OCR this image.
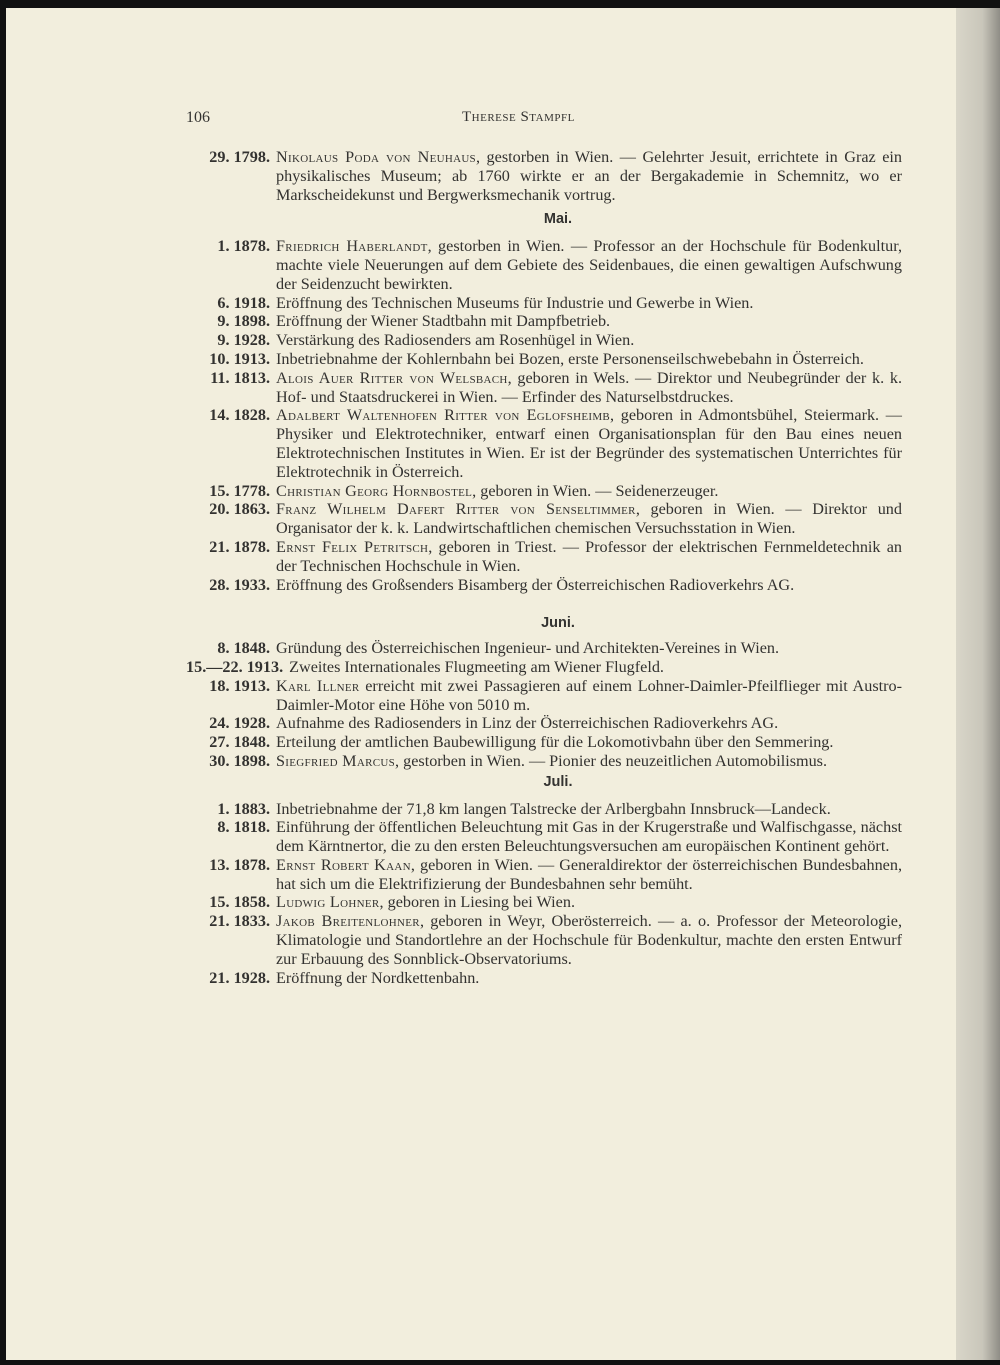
106	Therese Stampfl
29. 1798. Nikolaus Poda von Neuhaus, gestorben in Wien. — Gelehrter Jesuit, errichtete in Graz ein physikalisches Museum; ab 1760 wirkte er an der Bergakademie in Schemnitz, wo er Markscheidekunst und Bergwerksmechanik vortrug.
Mai.
1. 1878. Friedrich Haberlandt, gestorben in Wien. — Professor an der Hochschule für Bodenkultur, machte viele Neuerungen auf dem Gebiete des Seidenbaues, die einen gewaltigen Aufschwung der Seidenzucht bewirkten.
6. 1918. Eröffnung des Technischen Museums für Industrie und Gewerbe in Wien.
9. 1898. Eröffnung der Wiener Stadtbahn mit Dampfbetrieb.
9. 1928. Verstärkung des Radiosenders am Rosenhügel in Wien.
10. 1913. Inbetriebnahme der Kohlernbahn bei Bozen, erste Personenseilschwebebahn in Österreich.
11. 1813. Alois Auer Ritter von Welsbach, geboren in Wels. — Direktor und Neubegründer der k. k. Hof- und Staatsdruckerei in Wien. — Erfinder des Naturselbstdruckes.
14. 1828. Adalbert Waltenhofen Ritter von Eglofsheimb, geboren in Admontsbühel, Steiermark. — Physiker und Elektrotechniker, entwarf einen Organisationsplan für den Bau eines neuen Elektrotechnischen Institutes in Wien. Er ist der Begründer des systematischen Unterrichtes für Elektrotechnik in Österreich.
15. 1778. Christian Georg Hornbostel, geboren in Wien. — Seidenerzeuger.
20. 1863. Franz Wilhelm Dafert Ritter von Senseltimmer, geboren in Wien. — Direktor und Organisator der k. k. Landwirtschaftlichen chemischen Versuchsstation in Wien.
21. 1878. Ernst Felix Petritsch, geboren in Triest. — Professor der elektrischen Fernmeldetechnik an der Technischen Hochschule in Wien.
28. 1933. Eröffnung des Großsenders Bisamberg der Österreichischen Radioverkehrs AG.
Juni.
8. 1848. Gründung des Österreichischen Ingenieur- und Architekten-Vereines in Wien.
15.—22. 1913. Zweites Internationales Flugmeeting am Wiener Flugfeld.
18. 1913. Karl Illner erreicht mit zwei Passagieren auf einem Lohner-Daimler-Pfeilflieger mit Austro-Daimler-Motor eine Höhe von 5010 m.
24. 1928. Aufnahme des Radiosenders in Linz der Österreichischen Radioverkehrs AG.
27. 1848. Erteilung der amtlichen Baubewilligung für die Lokomotivbahn über den Semmering.
30. 1898. Siegfried Marcus, gestorben in Wien. — Pionier des neuzeitlichen Automobilismus.
Juli.
1. 1883. Inbetriebnahme der 71,8 km langen Talstrecke der Arlbergbahn Innsbruck—Landeck.
8. 1818. Einführung der öffentlichen Beleuchtung mit Gas in der Krugerstraße und Walfischgasse, nächst dem Kärntnertor, die zu den ersten Beleuchtungsversuchen am europäischen Kontinent gehört.
13. 1878. Ernst Robert Kaan, geboren in Wien. — Generaldirektor der österreichischen Bundesbahnen, hat sich um die Elektrifizierung der Bundesbahnen sehr bemüht.
15. 1858. Ludwig Lohner, geboren in Liesing bei Wien.
21. 1833. Jakob Breitenlohner, geboren in Weyr, Oberösterreich. — a. o. Professor der Meteorologie, Klimatologie und Standortlehre an der Hochschule für Bodenkultur, machte den ersten Entwurf zur Erbauung des Sonnblick-Observatoriums.
21. 1928. Eröffnung der Nordkettenbahn.
